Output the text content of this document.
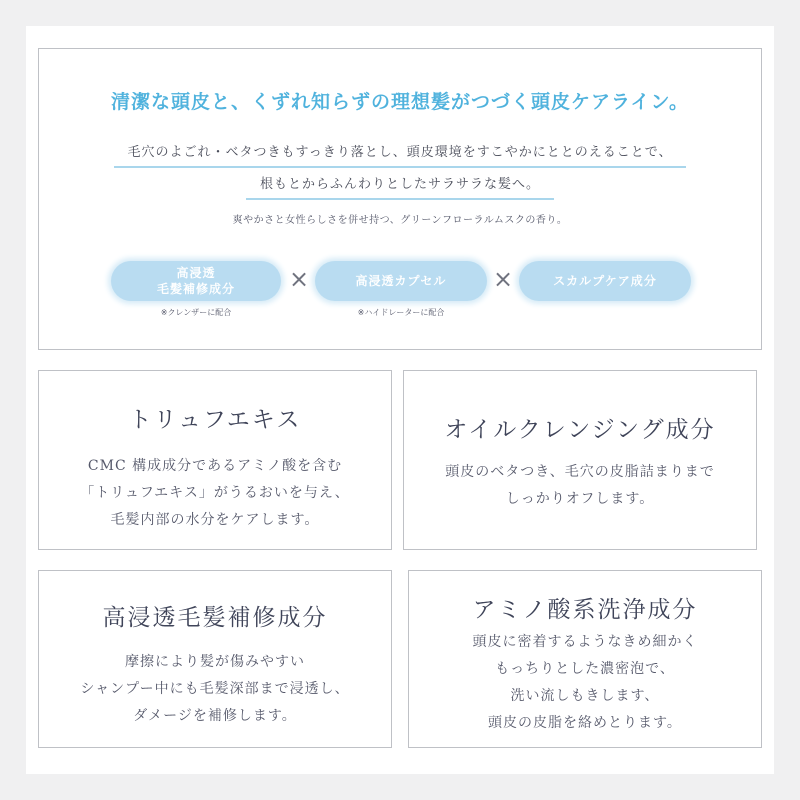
清潔な頭皮と、くずれ知らずの理想髪がつづく頭皮ケアライン。
毛穴のよごれ・ベタつきもすっきり落とし、頭皮環境をすこやかにととのえることで、
根もとからふんわりとしたサラサラな髪へ。
爽やかさと女性らしさを併せ持つ、グリーンフローラルムスクの香り。
高浸透
毛髪補修成分 ×	高浸透カプセル ×	スカルプケア成分
※クレンザーに配合	※ハイドレーターに配合
トリュフエキス
CMC 構成成分であるアミノ酸を含む
「トリュフエキス」がうるおいを与え、
毛髪内部の水分をケアします。
オイルクレンジング成分
頭皮のベタつき、毛穴の皮脂詰まりまで
しっかりオフします。
高浸透毛髪補修成分
摩擦により髪が傷みやすい
シャンプー中にも毛髪深部まで浸透し、
ダメージを補修します。
アミノ酸系洗浄成分
頭皮に密着するようなきめ細かく
もっちりとした濃密泡で、
洗い流しもきします、
頭皮の皮脂を絡めとります。
